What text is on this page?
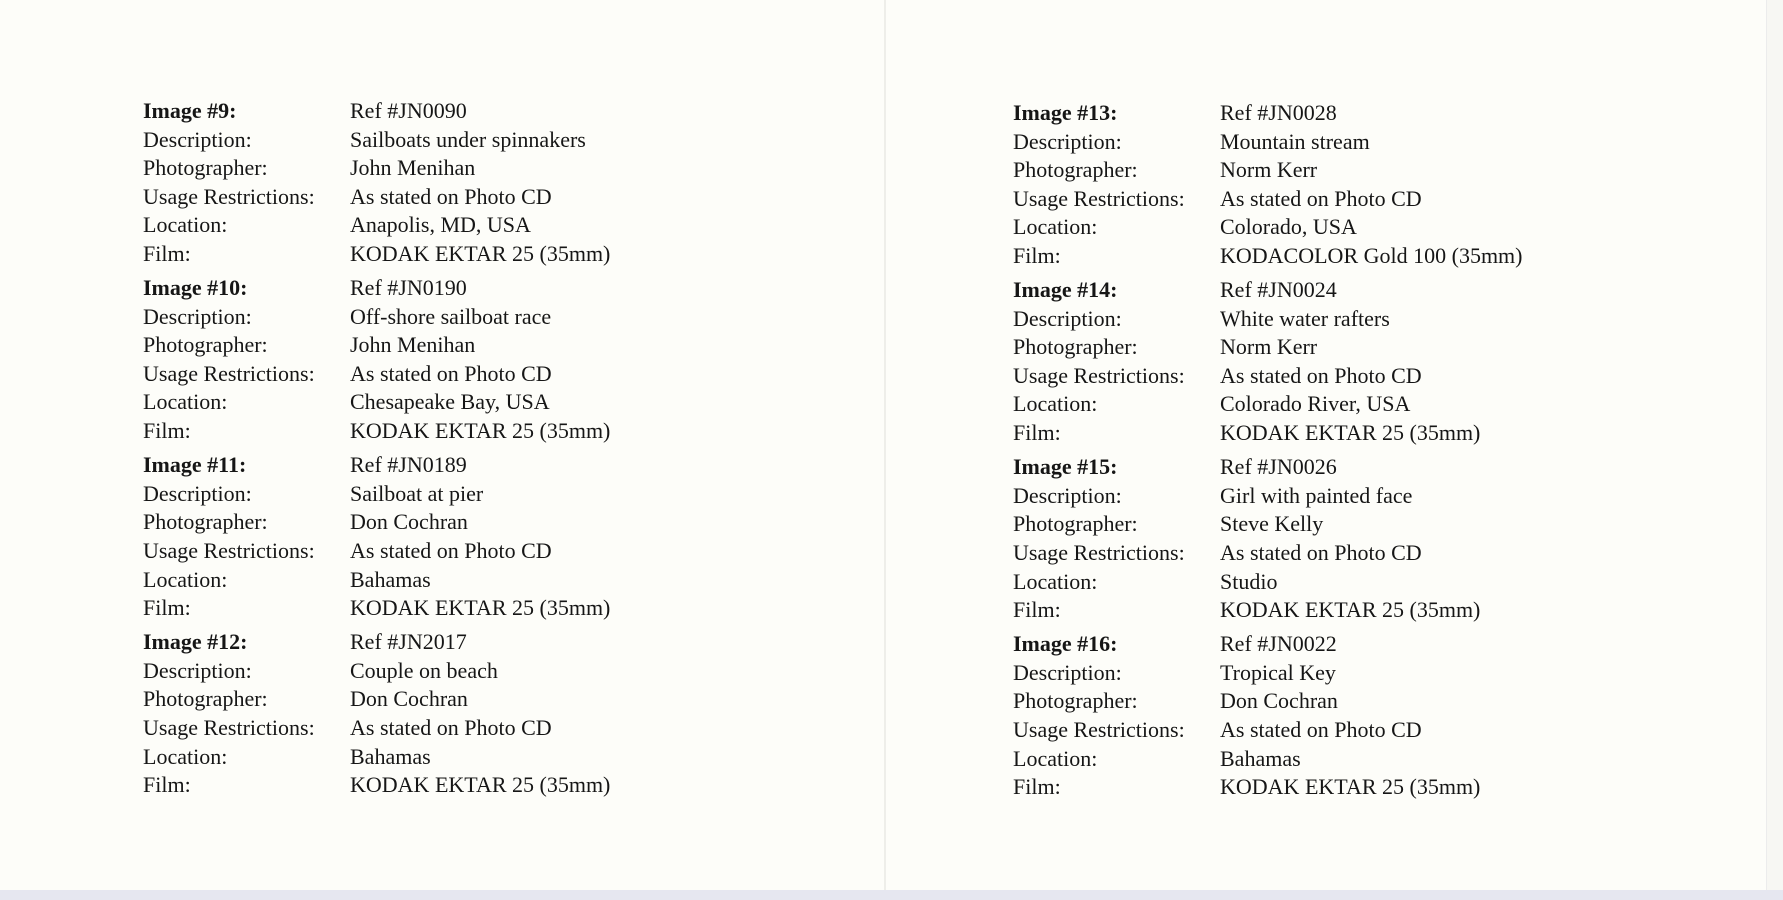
Image #9:	Ref #JN0090
Description:	Sailboats under spinnakers
Photographer:	John Menihan
Usage Restrictions:	As stated on Photo CD
Location:	Anapolis, MD, USA
Film:	KODAK EKTAR 25 (35mm)
Image #10:	Ref #JN0190
Description:	Off-shore sailboat race
Photographer:	John Menihan
Usage Restrictions:	As stated on Photo CD
Location:	Chesapeake Bay, USA
Film:	KODAK EKTAR 25 (35mm)
Image #11:	Ref #JN0189
Description:	Sailboat at pier
Photographer:	Don Cochran
Usage Restrictions:	As stated on Photo CD
Location:	Bahamas
Film:	KODAK EKTAR 25 (35mm)
Image #12:	Ref #JN2017
Description:	Couple on beach
Photographer:	Don Cochran
Usage Restrictions:	As stated on Photo CD
Location:	Bahamas
Film:	KODAK EKTAR 25 (35mm)
Image #13:	Ref #JN0028
Description:	Mountain stream
Photographer:	Norm Kerr
Usage Restrictions:	As stated on Photo CD
Location:	Colorado, USA
Film:	KODACOLOR Gold 100 (35mm)
Image #14:	Ref #JN0024
Description:	White water rafters
Photographer:	Norm Kerr
Usage Restrictions:	As stated on Photo CD
Location:	Colorado River, USA
Film:	KODAK EKTAR 25 (35mm)
Image #15:	Ref #JN0026
Description:	Girl with painted face
Photographer:	Steve Kelly
Usage Restrictions:	As stated on Photo CD
Location:	Studio
Film:	KODAK EKTAR 25 (35mm)
Image #16:	Ref #JN0022
Description:	Tropical Key
Photographer:	Don Cochran
Usage Restrictions:	As stated on Photo CD
Location:	Bahamas
Film:	KODAK EKTAR 25 (35mm)
